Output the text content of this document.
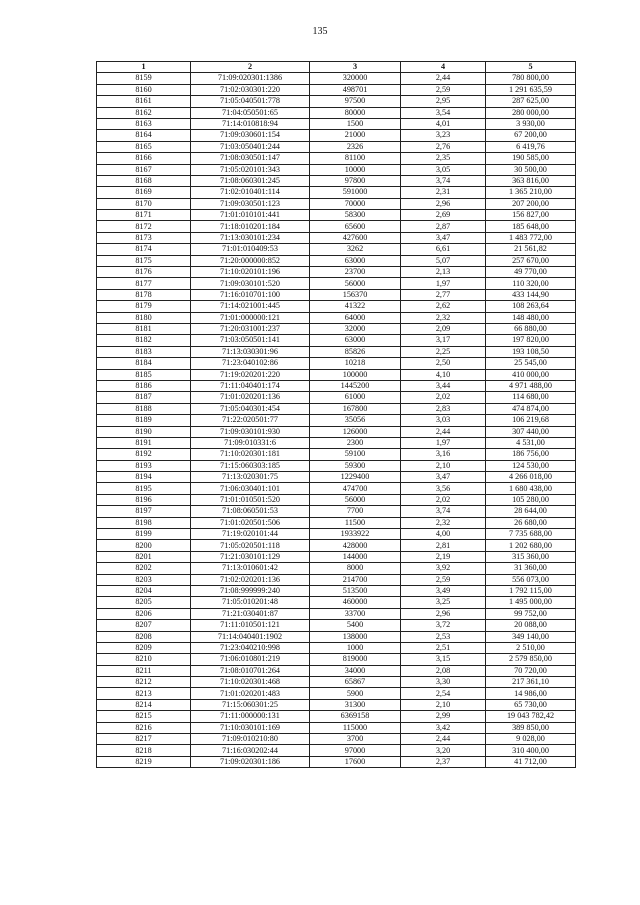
135
1	2	3	4	5
8159	71:09:020301:1386	320000	2,44	780 800,00
8160	71:02:030301:220	498701	2,59	1 291 635,59
8161	71:05:040501:778	97500	2,95	287 625,00
8162	71:04:050501:65	80000	3,54	280 000,00
8163	71:14:010818:94	1500	4,01	3 930,00
8164	71:09:030601:154	21000	3,23	67 200,00
8165	71:03:050401:244	2326	2,76	6 419,76
8166	71:08:030501:147	81100	2,35	190 585,00
8167	71:05:020101:343	10000	3,05	30 500,00
8168	71:08:060301:245	97800	3,74	363 816,00
8169	71:02:010401:114	591000	2,31	1 365 210,00
8170	71:09:030501:123	70000	2,96	207 200,00
8171	71:01:010101:441	58300	2,69	156 827,00
8172	71:18:010201:184	65600	2,87	185 648,00
8173	71:13:030101:234	427600	3,47	1 483 772,00
8174	71:01:010409:53	3262	6,61	21 561,82
8175	71:20:000000:852	63000	5,07	257 670,00
8176	71:10:020101:196	23700	2,13	49 770,00
8177	71:09:030101:520	56000	1,97	110 320,00
8178	71:16:010701:100	156370	2,77	433 144,90
8179	71:14:021001:445	41322	2,62	108 263,64
8180	71:01:000000:121	64000	2,32	148 480,00
8181	71:20:031001:237	32000	2,09	66 880,00
8182	71:03:050501:141	63000	3,17	197 820,00
8183	71:13:030301:96	85826	2,25	193 108,50
8184	71:23:040102:86	10218	2,50	25 545,00
8185	71:19:020201:220	100000	4,10	410 000,00
8186	71:11:040401:174	1445200	3,44	4 971 488,00
8187	71:01:020201:136	61000	2,02	114 680,00
8188	71:05:040301:454	167800	2,83	474 874,00
8189	71:22:020501:77	35056	3,03	106 219,68
8190	71:09:030101:930	126000	2,44	307 440,00
8191	71:09:010331:6	2300	1,97	4 531,00
8192	71:10:020301:181	59100	3,16	186 756,00
8193	71:15:060303:185	59300	2,10	124 530,00
8194	71:13:020301:75	1229400	3,47	4 266 018,00
8195	71:06:030401:101	474700	3,56	1 680 438,00
8196	71:01:010501:520	56000	2,02	105 280,00
8197	71:08:060501:53	7700	3,74	28 644,00
8198	71:01:020501:506	11500	2,32	26 680,00
8199	71:19:020101:44	1933922	4,00	7 735 688,00
8200	71:05:020501:118	428000	2,81	1 202 680,00
8201	71:21:030101:129	144000	2,19	315 360,00
8202	71:13:010601:42	8000	3,92	31 360,00
8203	71:02:020201:136	214700	2,59	556 073,00
8204	71:08:999999:240	513500	3,49	1 792 115,00
8205	71:05:010201:48	460000	3,25	1 495 000,00
8206	71:21:030401:87	33700	2,96	99 752,00
8207	71:11:010501:121	5400	3,72	20 088,00
8208	71:14:040401:1902	138000	2,53	349 140,00
8209	71:23:040210:998	1000	2,51	2 510,00
8210	71:06:010801:219	819000	3,15	2 579 850,00
8211	71:08:010701:264	34000	2,08	70 720,00
8212	71:10:020301:468	65867	3,30	217 361,10
8213	71:01:020201:483	5900	2,54	14 986,00
8214	71:15:060301:25	31300	2,10	65 730,00
8215	71:11:000000:131	6369158	2,99	19 043 782,42
8216	71:10:030101:169	115000	3,42	389 850,00
8217	71:09:010210:80	3700	2,44	9 028,00
8218	71:16:030202:44	97000	3,20	310 400,00
8219	71:09:020301:186	17600	2,37	41 712,00
